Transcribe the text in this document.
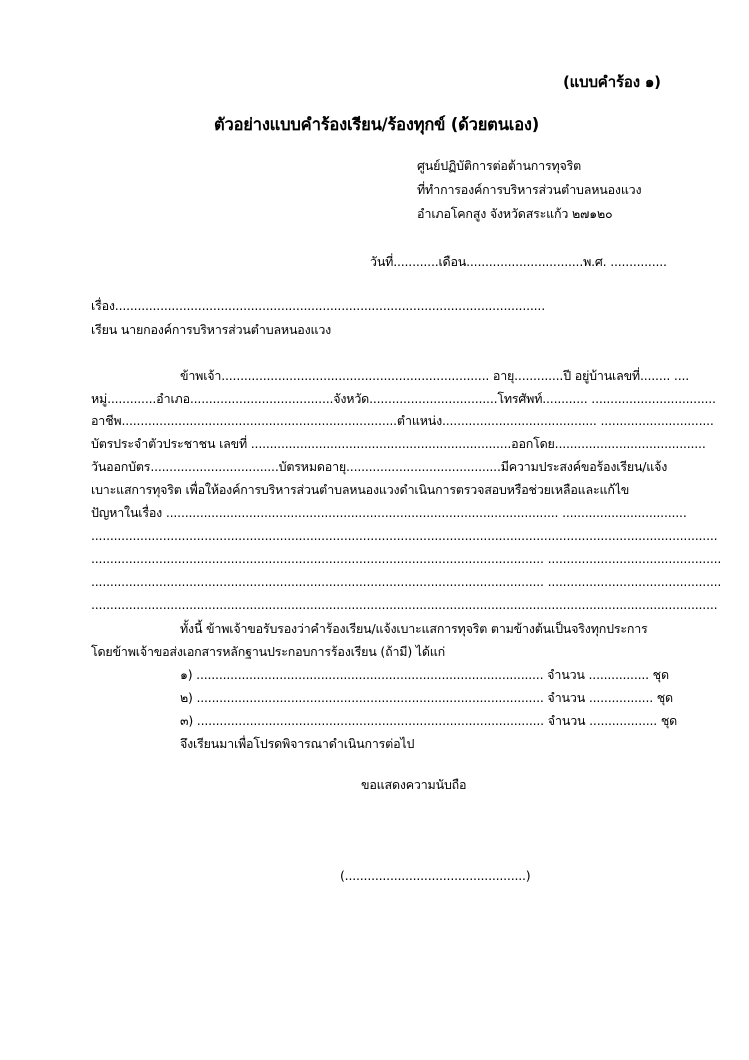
(แบบคำร้อง ๑)
ตัวอย่างแบบคำร้องเรียน/ร้องทุกข์ (ด้วยตนเอง)
ศูนย์ปฏิบัติการต่อต้านการทุจริต
ที่ทำการองค์การบริหารส่วนตำบลหนองแวง
อำเภอโคกสูง จังหวัดสระแก้ว ๒๗๑๒๐
วันที่............เดือน...............................พ.ศ. ...............
เรื่อง..................................................................................................................
เรียน นายกองค์การบริหารส่วนตำบลหนองแวง
ข้าพเจ้า....................................................................... อายุ.............ปี อยู่บ้านเลขที่........ ....
หมู่.............อำเภอ......................................จังหวัด..................................โทรศัพท์............ .................................
อาชีพ.........................................................................ตำแหน่ง......................................... ..............................
บัตรประจำตัวประชาชน เลขที่ .....................................................................ออกโดย........................................
วันออกบัตร..................................บัตรหมดอายุ.........................................มีความประสงค์ขอร้องเรียน/แจ้ง
เบาะแสการทุจริต เพื่อให้องค์การบริหารส่วนตำบลหนองแวงดำเนินการตรวจสอบหรือช่วยเหลือและแก้ไข
ปัญหาในเรื่อง ........................................................................................................ .................................
......................................................................................................................................................................
........................................................................................................................ ..............................................
........................................................................................................................ ..............................................
......................................................................................................................................................................
ทั้งนี้ ข้าพเจ้าขอรับรองว่าคำร้องเรียน/แจ้งเบาะแสการทุจริต ตามข้างต้นเป็นจริงทุกประการ
โดยข้าพเจ้าขอส่งเอกสารหลักฐานประกอบการร้องเรียน (ถ้ามี) ได้แก่
๑) ............................................................................................ จำนวน ................ ชุด
๒) ............................................................................................ จำนวน ................. ชุด
๓) ............................................................................................ จำนวน .................. ชุด
จึงเรียนมาเพื่อโปรดพิจารณาดำเนินการต่อไป
ขอแสดงความนับถือ
(................................................)
